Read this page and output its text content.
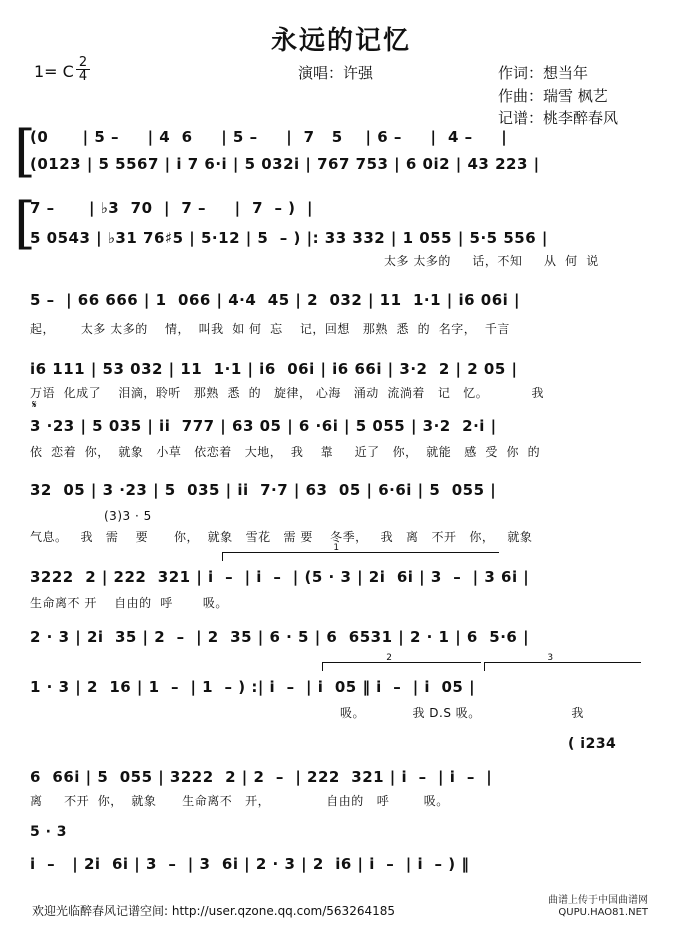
永远的记忆
1= C 2
4	演唱：许强	作词：想当年
作曲：瑞雪 枫艺
记谱：桃李醉春风
[
(0      | 5 –     | 4  6     | 5 –     |  7   5    | 6 –     |  4 –     |
(0123 | 5 5567 | i 7 6·i | 5 032i | 767 753 | 6 0i2 | 43 223 |
[
7 –      | ♭3  70  |  7 –     |  7  – )  |
5 0543 | ♭31 76♯5 | 5·12 | 5  – ) |: 33 332 | 1 055 | 5·5 556 |
太多 太多的     话，不知     从  何  说
5 –  | 66 666 | 1  066 | 4·4  45 | 2  032 | 11  1·1 | i6 06i |
起，      太多 太多的    情，  叫我  如 何  忘    记，回想   那熟  悉  的  名字，  千言
i6 111 | 53 032 | 11  1·1 | i6  06i | i6 66i | 3·2  2 | 2 05 |
万语  化成了    泪滴，聆听   那熟  悉  的   旋律， 心海   涌动  流淌着   记   忆。          我
𝄋
3 ·23 | 5 035 | ii  777 | 63 05 | 6 ·6i | 5 055 | 3·2  2·i |
依  恋着  你，  就象   小草   依恋着   大地，  我    靠     近了   你，  就能   感  受  你  的
32  05 | 3 ·23 | 5  035 | ii  7·7 | 63  05 | 6·6i | 5  055 |
(3)3 · 5
气息。   我   需    要      你，  就象   雪花   需 要    冬季，   我   离   不开   你，   就象
1
3222  2 | 222  321 | i  –  | i  –  | (5 · 3 | 2i  6i | 3  –  | 3 6i |
生命离不 开    自由的  呼       吸。
2 · 3 | 2i  35 | 2  –  | 2  35 | 6 · 5 | 6  6531 | 2 · 1 | 6  5·6 |
2	3
1 · 3 | 2  16 | 1  –  | 1  – ) :| i  –  | i  05 ‖ i  –  | i  05 |
吸。           我 D.S 吸。                     我
( i234
6  66i | 5  055 | 3222  2 | 2  –  | 222  321 | i  –  | i  –  |
离     不开  你，  就象      生命离不   开，             自由的   呼        吸。
5 · 3
i  –   | 2i  6i | 3  –  | 3  6i | 2 · 3 | 2  i6 | i  –  | i  – ) ‖
欢迎光临醉春风记谱空间: http://user.qzone.qq.com/563264185
曲谱上传于中国曲谱网
QUPU.HAO81.NET
